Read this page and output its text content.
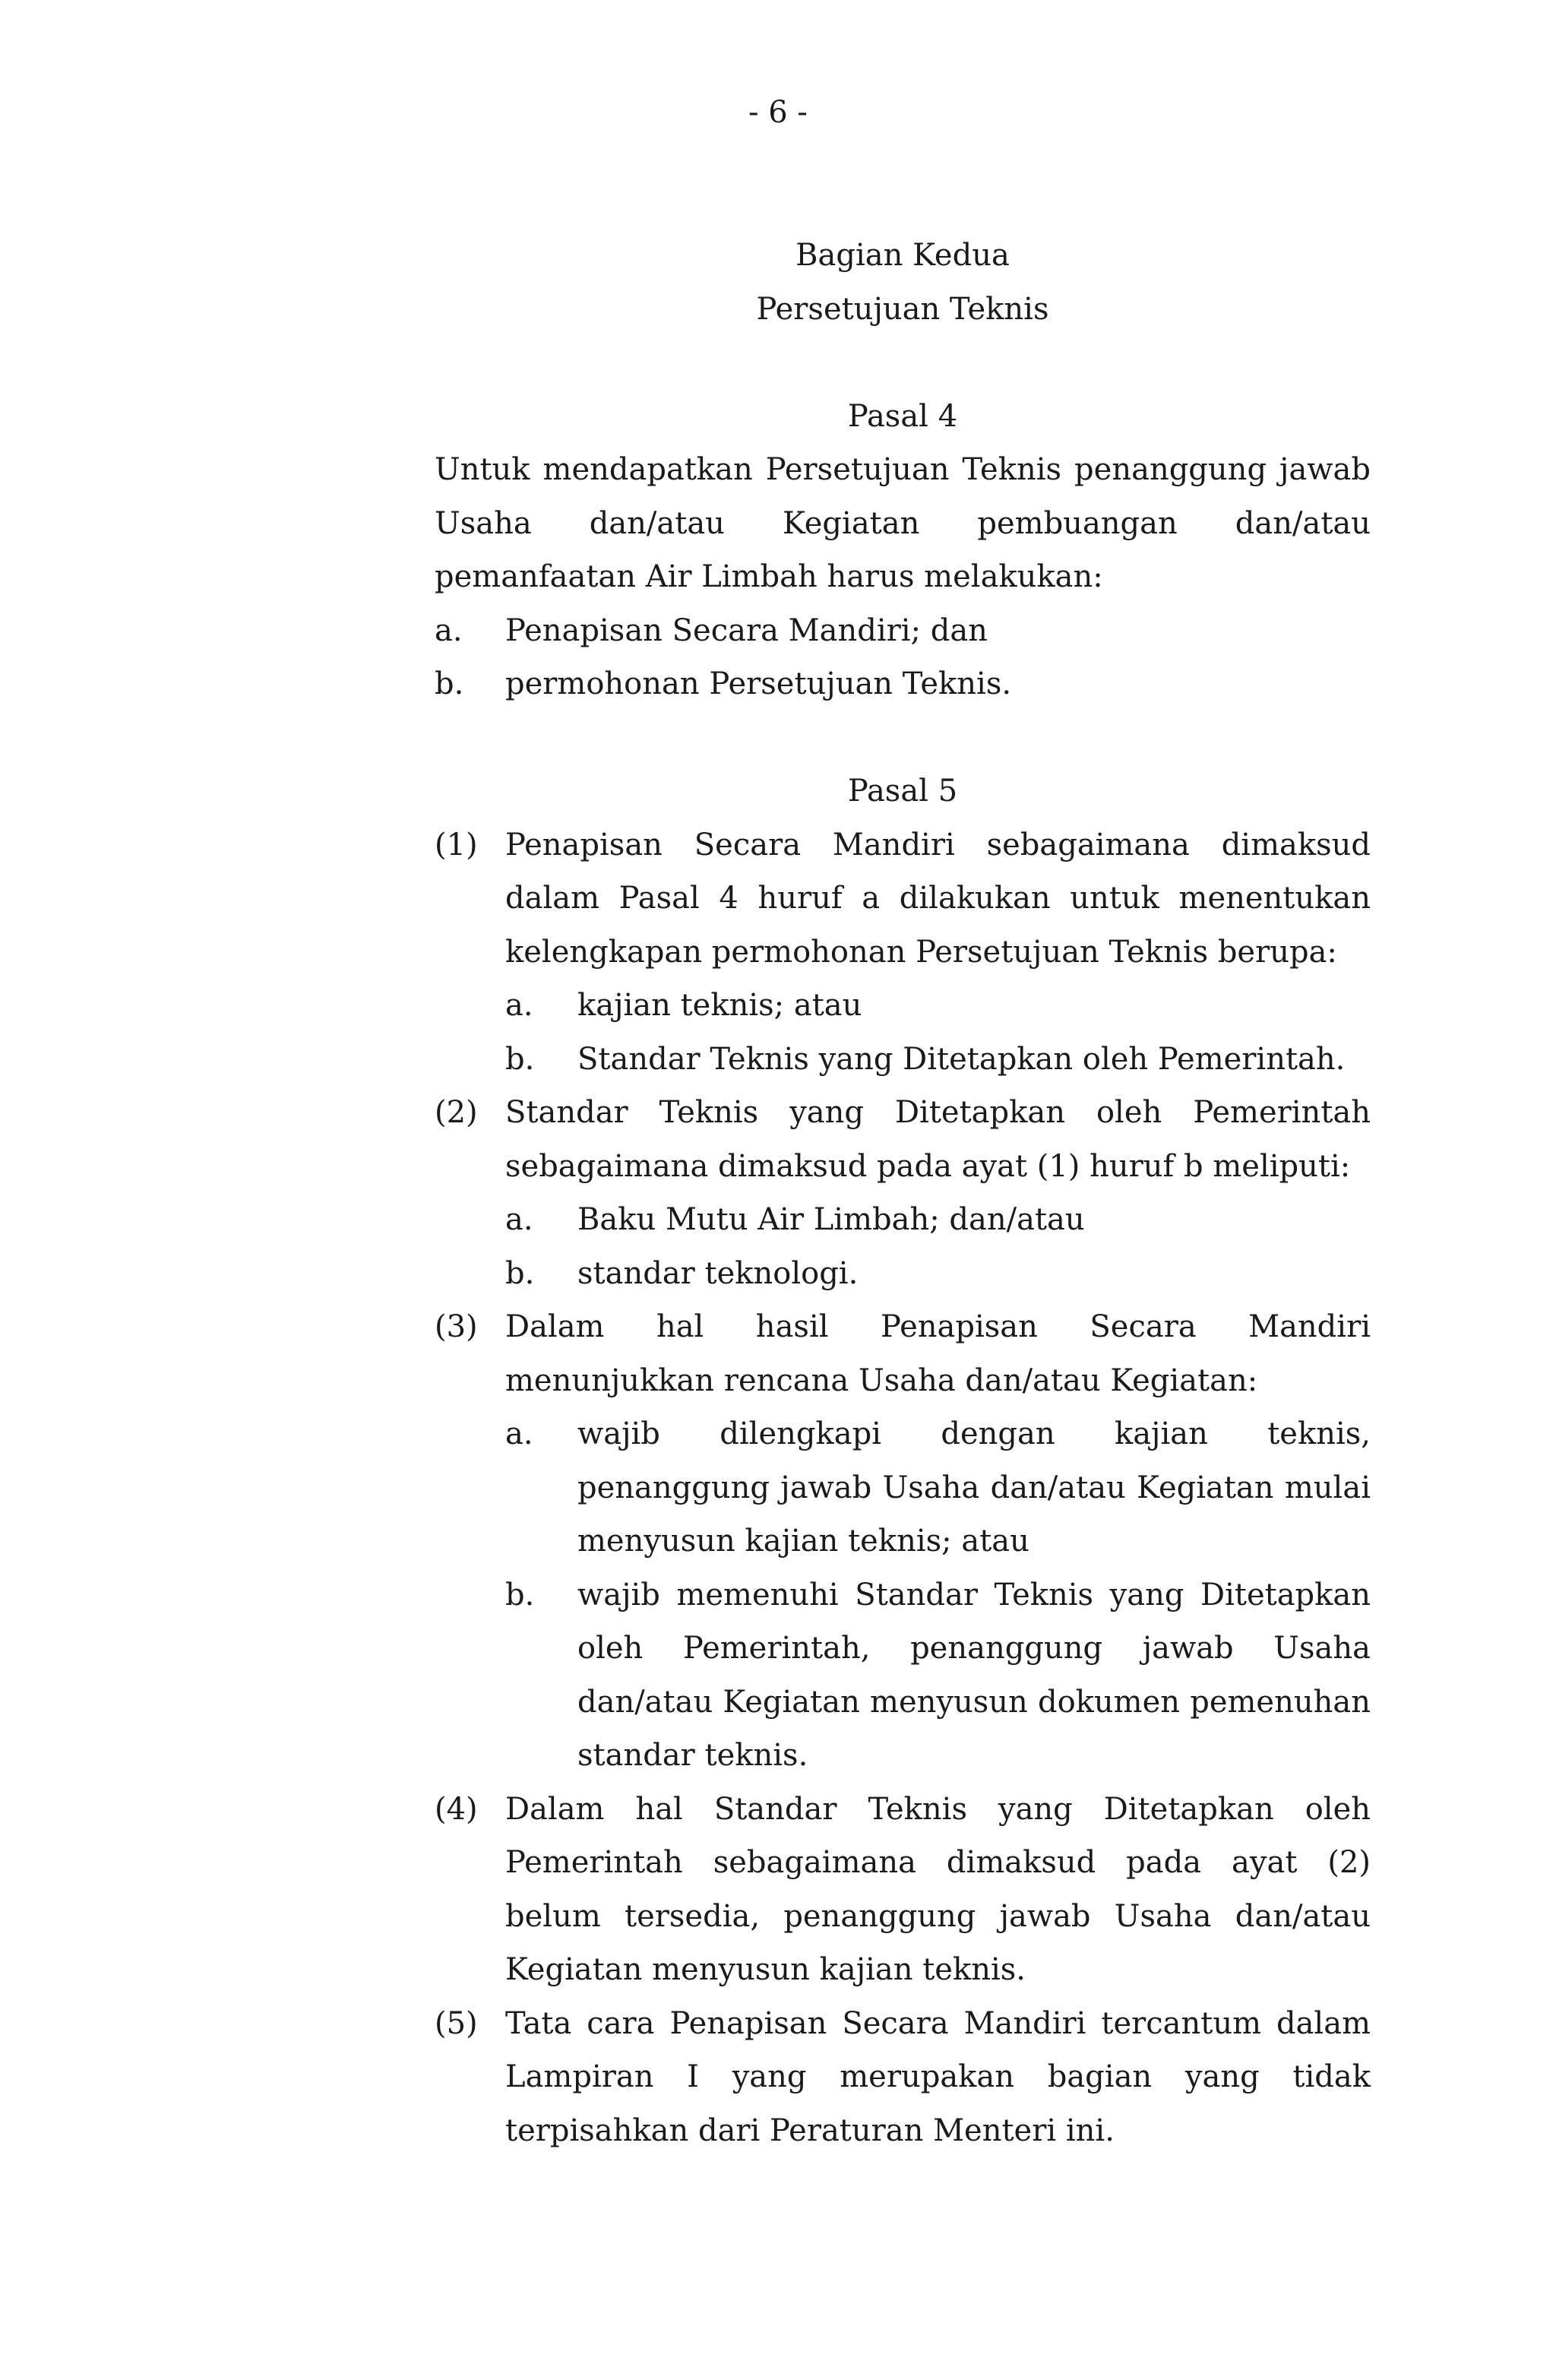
- 6 -
Bagian Kedua
Persetujuan Teknis
Pasal 4
Untuk mendapatkan Persetujuan Teknis penanggung jawab Usaha dan/atau Kegiatan pembuangan dan/atau pemanfaatan Air Limbah harus melakukan:
a.	Penapisan Secara Mandiri; dan
b.	permohonan Persetujuan Teknis.
Pasal 5
(1) Penapisan Secara Mandiri sebagaimana dimaksud dalam Pasal 4 huruf a dilakukan untuk menentukan kelengkapan permohonan Persetujuan Teknis berupa:
a.	kajian teknis; atau
b.	Standar Teknis yang Ditetapkan oleh Pemerintah.
(2) Standar Teknis yang Ditetapkan oleh Pemerintah sebagaimana dimaksud pada ayat (1) huruf b meliputi:
a.	Baku Mutu Air Limbah; dan/atau
b.	standar teknologi.
(3) Dalam hal hasil Penapisan Secara Mandiri menunjukkan rencana Usaha dan/atau Kegiatan:
a.	wajib dilengkapi dengan kajian teknis, penanggung jawab Usaha dan/atau Kegiatan mulai menyusun kajian teknis; atau
b.	wajib memenuhi Standar Teknis yang Ditetapkan oleh Pemerintah, penanggung jawab Usaha dan/atau Kegiatan menyusun dokumen pemenuhan standar teknis.
(4) Dalam hal Standar Teknis yang Ditetapkan oleh Pemerintah sebagaimana dimaksud pada ayat (2) belum tersedia, penanggung jawab Usaha dan/atau Kegiatan menyusun kajian teknis.
(5) Tata cara Penapisan Secara Mandiri tercantum dalam Lampiran I yang merupakan bagian yang tidak terpisahkan dari Peraturan Menteri ini.
